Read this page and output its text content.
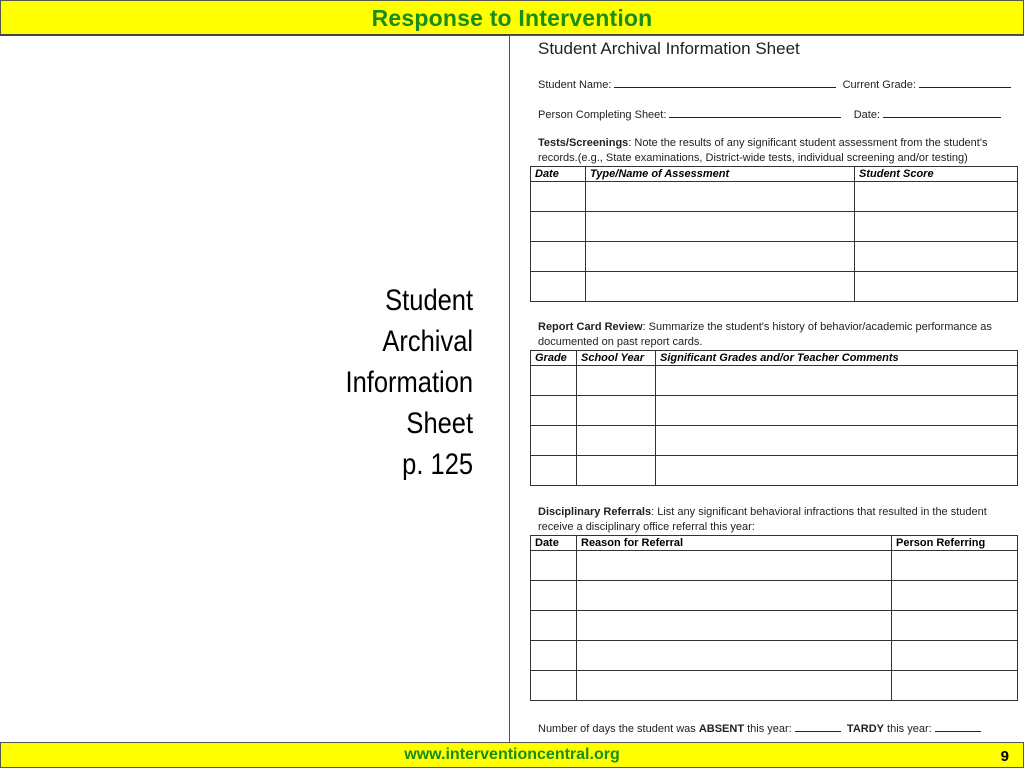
Response to Intervention
Student
Archival
Information
Sheet
p. 125
Student Archival Information Sheet
Student Name:	Current Grade:
Person Completing Sheet:	Date:
Tests/Screenings: Note the results of any significant student assessment from the student's records.(e.g., State examinations, District-wide tests, individual screening and/or testing)
Date	Type/Name of Assessment	Student Score

Report Card Review: Summarize the student's history of behavior/academic performance as documented on past report cards.
Grade	School Year	Significant Grades and/or Teacher Comments

Disciplinary Referrals: List any significant behavioral infractions that resulted in the student receive a disciplinary office referral this year:
Date	Reason for Referral	Person Referring

Number of days the student was ABSENT this year:	TARDY this year:
www.interventioncentral.org	9
